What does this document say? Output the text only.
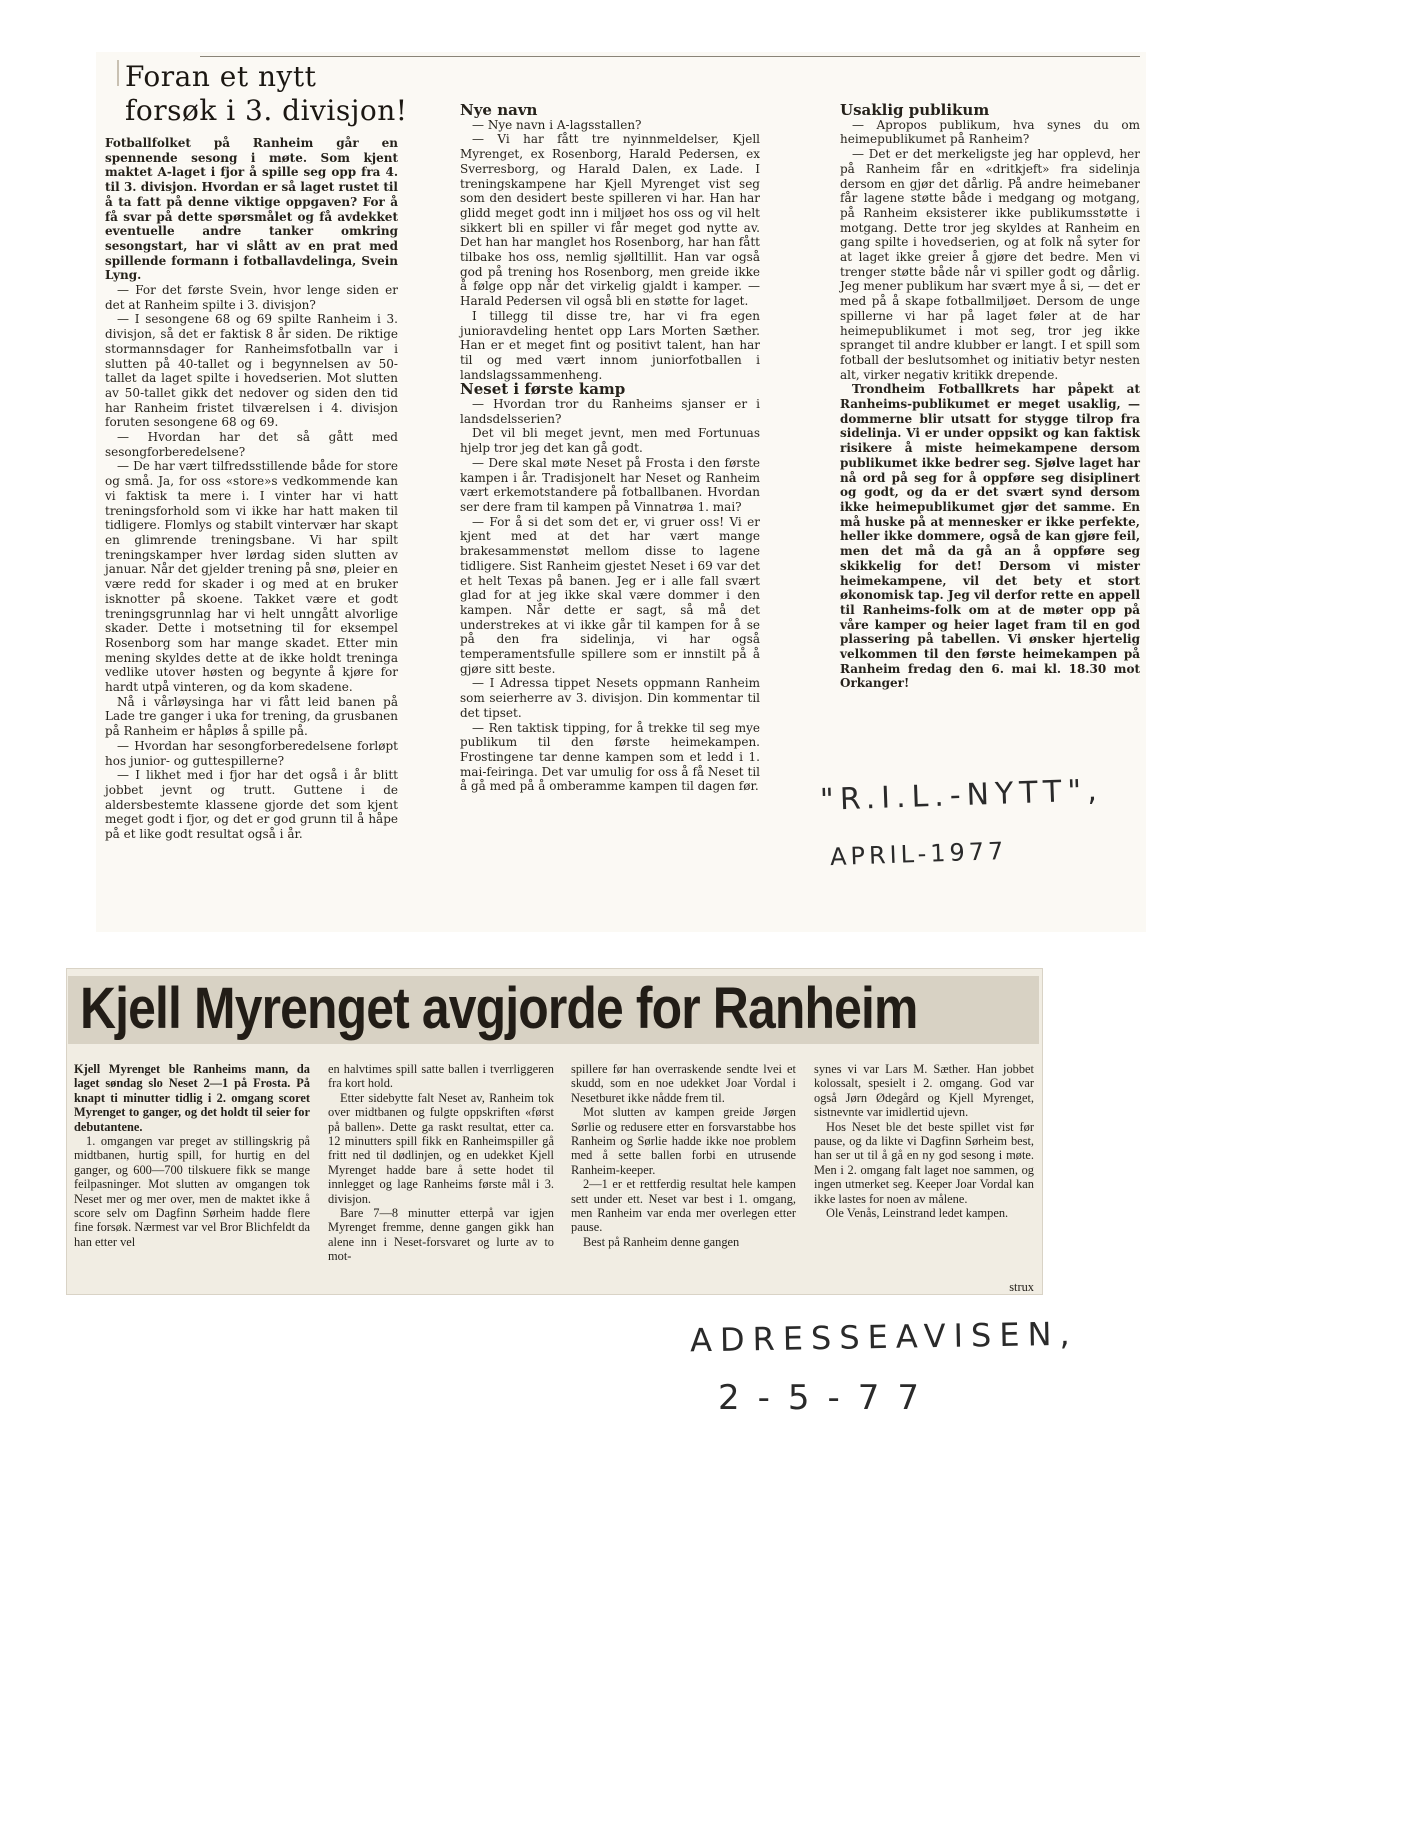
Foran et nytt forsøk i 3. divisjon!

Fotballfolket på Ranheim går en spennende sesong i møte. Som kjent maktet A-laget i fjor å spille seg opp fra 4. til 3. divisjon. Hvordan er så laget rustet til å ta fatt på denne viktige oppgaven? For å få svar på dette spørsmålet og få avdekket eventuelle andre tanker omkring sesongstart, har vi slått av en prat med spillende formann i fotballavdelinga, Svein Lyng.

— For det første Svein, hvor lenge siden er det at Ranheim spilte i 3. divisjon?

— I sesongene 68 og 69 spilte Ranheim i 3. divisjon, så det er faktisk 8 år siden. De riktige stormannsdager for Ranheimsfotballn var i slutten på 40-tallet og i begynnelsen av 50-tallet da laget spilte i hovedserien. Mot slutten av 50-tallet gikk det nedover og siden den tid har Ranheim fristet tilværelsen i 4. divisjon foruten sesongene 68 og 69.

— Hvordan har det så gått med sesongforberedelsene?

— De har vært tilfredsstillende både for store og små. Ja, for oss «store»s vedkommende kan vi faktisk ta mere i. I vinter har vi hatt treningsforhold som vi ikke har hatt maken til tidligere. Flomlys og stabilt vintervær har skapt en glimrende treningsbane. Vi har spilt treningskamper hver lørdag siden slutten av januar. Når det gjelder trening på snø, pleier en være redd for skader i og med at en bruker isknotter på skoene. Takket være et godt treningsgrunnlag har vi helt unngått alvorlige skader. Dette i motsetning til for eksempel Rosenborg som har mange skadet. Etter min mening skyldes dette at de ikke holdt treninga vedlike utover høsten og begynte å kjøre for hardt utpå vinteren, og da kom skadene.

Nå i vårløysinga har vi fått leid banen på Lade tre ganger i uka for trening, da grusbanen på Ranheim er håpløs å spille på.

— Hvordan har sesongforberedelsene forløpt hos junior- og guttespillerne?

— I likhet med i fjor har det også i år blitt jobbet jevnt og trutt. Guttene i de aldersbestemte klassene gjorde det som kjent meget godt i fjor, og det er god grunn til å håpe på et like godt resultat også i år.

Nye navn

— Nye navn i A-lagsstallen?

— Vi har fått tre nyinnmeldelser, Kjell Myrenget, ex Rosenborg, Harald Pedersen, ex Sverresborg, og Harald Dalen, ex Lade. I treningskampene har Kjell Myrenget vist seg som den desidert beste spilleren vi har. Han har glidd meget godt inn i miljøet hos oss og vil helt sikkert bli en spiller vi får meget god nytte av. Det han har manglet hos Rosenborg, har han fått tilbake hos oss, nemlig sjølltillit. Han var også god på trening hos Rosenborg, men greide ikke å følge opp når det virkelig gjaldt i kamper. — Harald Pedersen vil også bli en støtte for laget.

I tillegg til disse tre, har vi fra egen junioravdeling hentet opp Lars Morten Sæther. Han er et meget fint og positivt talent, han har til og med vært innom juniorfotballen i landslagssammenheng.

Neset i første kamp

— Hvordan tror du Ranheims sjanser er i landsdelsserien?

Det vil bli meget jevnt, men med Fortunuas hjelp tror jeg det kan gå godt.

— Dere skal møte Neset på Frosta i den første kampen i år. Tradisjonelt har Neset og Ranheim vært erkemotstandere på fotballbanen. Hvordan ser dere fram til kampen på Vinnatrøa 1. mai?

— For å si det som det er, vi gruer oss! Vi er kjent med at det har vært mange brakesammenstøt mellom disse to lagene tidligere. Sist Ranheim gjestet Neset i 69 var det et helt Texas på banen. Jeg er i alle fall svært glad for at jeg ikke skal være dommer i den kampen. Når dette er sagt, så må det understrekes at vi ikke går til kampen for å se på den fra sidelinja, vi har også temperamentsfulle spillere som er innstilt på å gjøre sitt beste.

— I Adressa tippet Nesets oppmann Ranheim som seierherre av 3. divisjon. Din kommentar til det tipset.

— Ren taktisk tipping, for å trekke til seg mye publikum til den første heimekampen. Frostingene tar denne kampen som et ledd i 1. mai-feiringa. Det var umulig for oss å få Neset til å gå med på å omberamme kampen til dagen før.

Usaklig publikum

— Apropos publikum, hva synes du om heimepublikumet på Ranheim?

— Det er det merkeligste jeg har opplevd, her på Ranheim får en «dritkjeft» fra sidelinja dersom en gjør det dårlig. På andre heimebaner får lagene støtte både i medgang og motgang, på Ranheim eksisterer ikke publikumsstøtte i motgang. Dette tror jeg skyldes at Ranheim en gang spilte i hovedserien, og at folk nå syter for at laget ikke greier å gjøre det bedre. Men vi trenger støtte både når vi spiller godt og dårlig. Jeg mener publikum har svært mye å si, — det er med på å skape fotballmiljøet. Dersom de unge spillerne vi har på laget føler at de har heimepublikumet i mot seg, tror jeg ikke spranget til andre klubber er langt. I et spill som fotball der beslutsomhet og initiativ betyr nesten alt, virker negativ kritikk drepende.

Trondheim Fotballkrets har påpekt at Ranheims-publikumet er meget usaklig, — dommerne blir utsatt for stygge tilrop fra sidelinja. Vi er under oppsikt og kan faktisk risikere å miste heimekampene dersom publikumet ikke bedrer seg. Sjølve laget har nå ord på seg for å oppføre seg disiplinert og godt, og da er det svært synd dersom ikke heimepublikumet gjør det samme. En må huske på at mennesker er ikke perfekte, heller ikke dommere, også de kan gjøre feil, men det må da gå an å oppføre seg skikkelig for det! Dersom vi mister heimekampene, vil det bety et stort økonomisk tap. Jeg vil derfor rette en appell til Ranheims-folk om at de møter opp på våre kamper og heier laget fram til en god plassering på tabellen. Vi ønsker hjertelig velkommen til den første heimekampen på Ranheim fredag den 6. mai kl. 18.30 mot Orkanger!

"R.I.L.-NYTT",
APRIL-1977
Kjell Myrenget avgjorde for Ranheim

Kjell Myrenget ble Ranheims mann, da laget søndag slo Neset 2—1 på Frosta. På knapt ti minutter tidlig i 2. omgang scoret Myrenget to ganger, og det holdt til seier for debutantene.

1. omgangen var preget av stillingskrig på midtbanen, hurtig spill, for hurtig en del ganger, og 600—700 tilskuere fikk se mange feilpasninger. Mot slutten av omgangen tok Neset mer og mer over, men de maktet ikke å score selv om Dagfinn Sørheim hadde flere fine forsøk. Nærmest var vel Bror Blichfeldt da han etter vel

en halvtimes spill satte ballen i tverrliggeren fra kort hold.

Etter sidebytte falt Neset av, Ranheim tok over midtbanen og fulgte oppskriften «først på ballen». Dette ga raskt resultat, etter ca. 12 minutters spill fikk en Ranheimspiller gå fritt ned til dødlinjen, og en udekket Kjell Myrenget hadde bare å sette hodet til innlegget og lage Ranheims første mål i 3. divisjon.

Bare 7—8 minutter etterpå var igjen Myrenget fremme, denne gangen gikk han alene inn i Neset-forsvaret og lurte av to mot-

spillere før han overraskende sendte lvei et skudd, som en noe udekket Joar Vordal i Nesetburet ikke nådde frem til.

Mot slutten av kampen greide Jørgen Sørlie og redusere etter en forsvarstabbe hos Ranheim og Sørlie hadde ikke noe problem med å sette ballen forbi en utrusende Ranheim-keeper.

2—1 er et rettferdig resultat hele kampen sett under ett. Neset var best i 1. omgang, men Ranheim var enda mer overlegen etter pause.

Best på Ranheim denne gangen

synes vi var Lars M. Sæther. Han jobbet kolossalt, spesielt i 2. omgang. God var også Jørn Ødegård og Kjell Myrenget, sistnevnte var imidlertid ujevn.

Hos Neset ble det beste spillet vist før pause, og da likte vi Dagfinn Sørheim best, han ser ut til å gå en ny god sesong i møte. Men i 2. omgang falt laget noe sammen, og ingen utmerket seg. Keeper Joar Vordal kan ikke lastes for noen av målene.

Ole Venås, Leinstrand ledet kampen.

strux
ADRESSEAVISEN,
2-5-77
